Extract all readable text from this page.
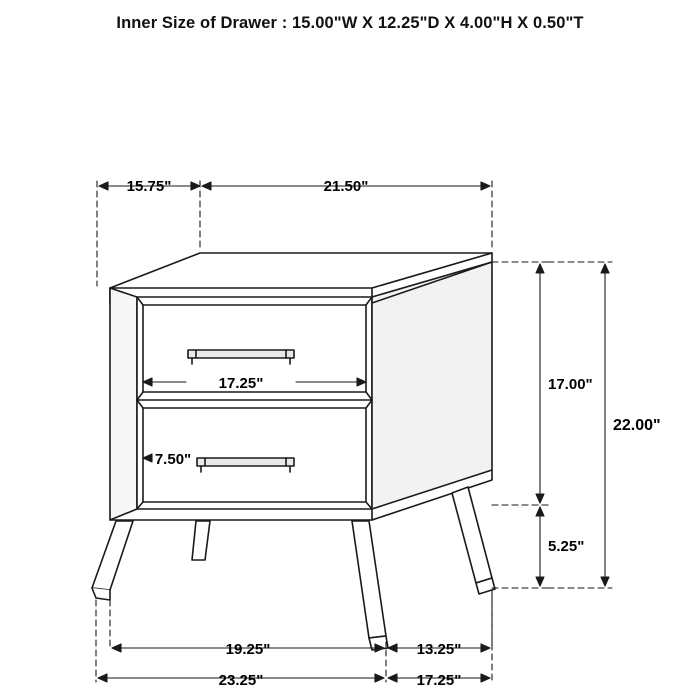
Inner Size of Drawer : 15.00"W X 12.25"D X 4.00"H X 0.50"T
15.75"	21.50"
17.25"
7.50"
17.00"
5.25"
22.00"
19.25"	13.25"
23.25"	17.25"
